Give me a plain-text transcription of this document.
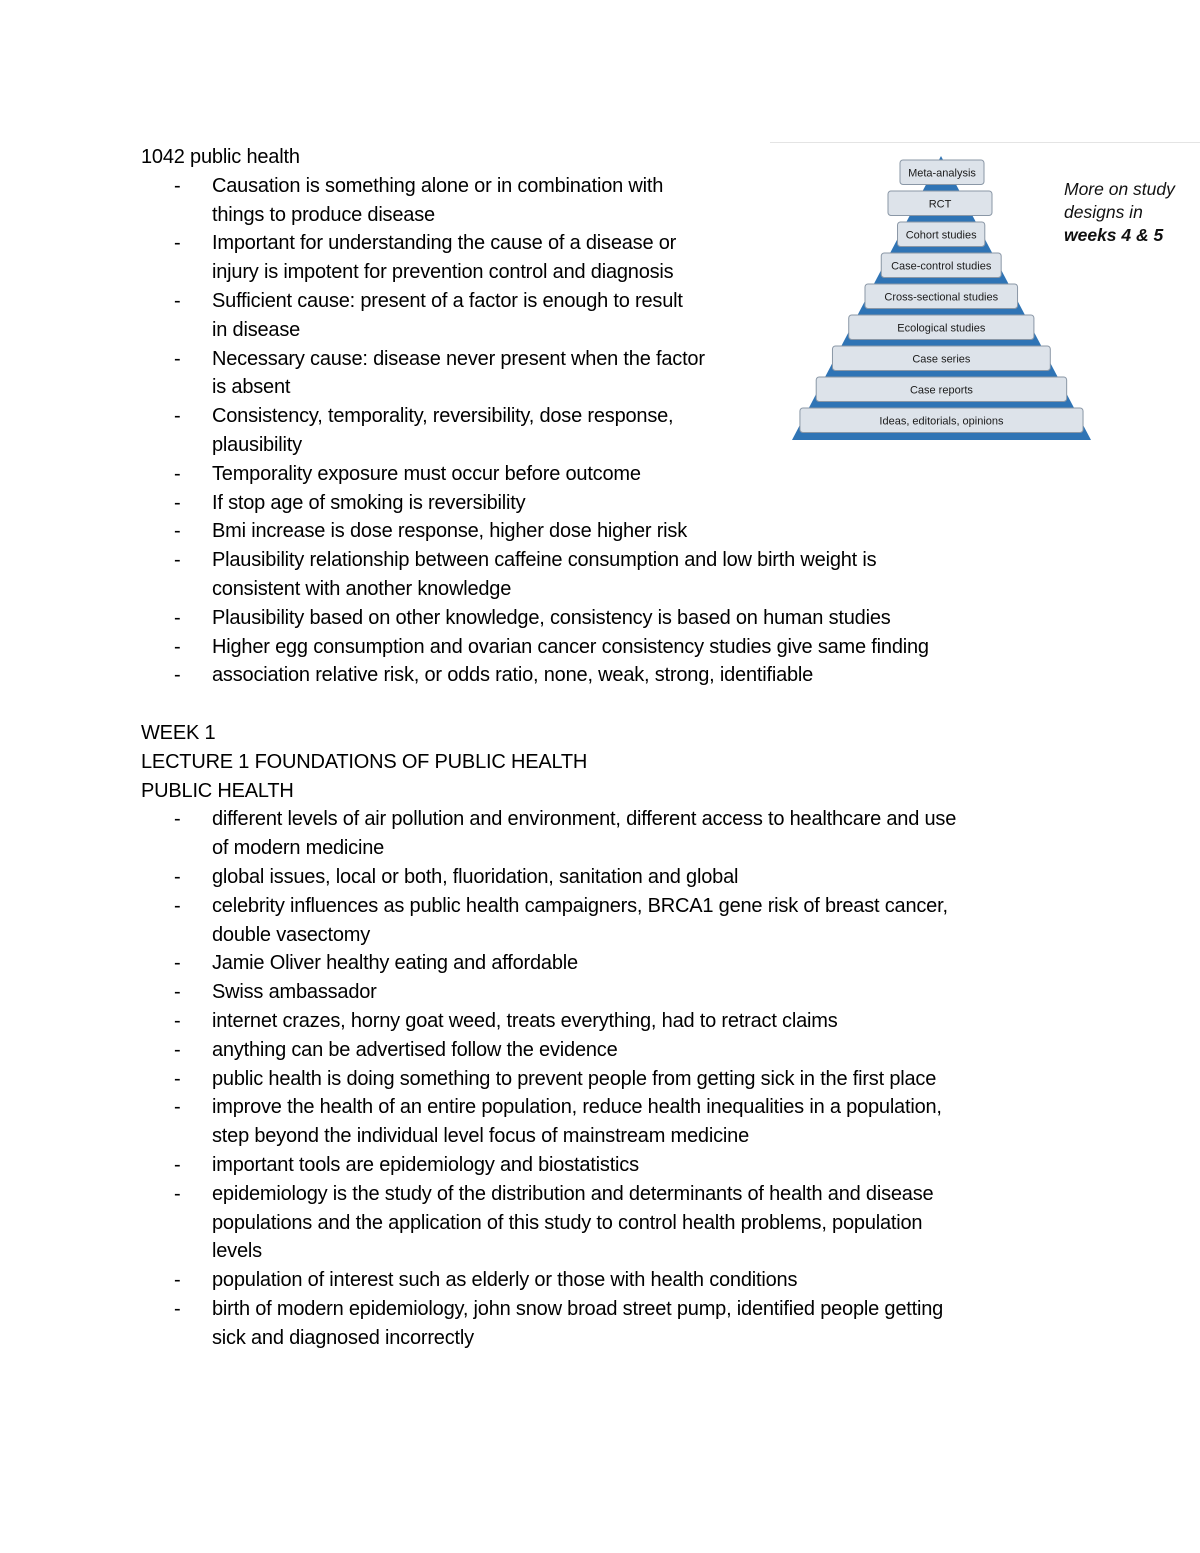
1042 public health
-	Causation is something alone or in combination with
things to produce disease
-	Important for understanding the cause of a disease or
injury is impotent for prevention control and diagnosis
-	Sufficient cause: present of a factor is enough to result
in disease
-	Necessary cause: disease never present when the factor
is absent
-	Consistency, temporality, reversibility, dose response,
plausibility
-	Temporality exposure must occur before outcome
-	If stop age of smoking is reversibility
-	Bmi increase is dose response, higher dose higher risk
-	Plausibility relationship between caffeine consumption and low birth weight is
consistent with another knowledge
-	Plausibility based on other knowledge, consistency is based on human studies
-	Higher egg consumption and ovarian cancer consistency studies give same finding
-	association relative risk, or odds ratio, none, weak, strong, identifiable
WEEK 1
LECTURE 1 FOUNDATIONS OF PUBLIC HEALTH
PUBLIC HEALTH
-	different levels of air pollution and environment, different access to healthcare and use
of modern medicine
-	global issues, local or both, fluoridation, sanitation and global
-	celebrity influences as public health campaigners, BRCA1 gene risk of breast cancer,
double vasectomy
-	Jamie Oliver healthy eating and affordable
-	Swiss ambassador
-	internet crazes, horny goat weed, treats everything, had to retract claims
-	anything can be advertised follow the evidence
-	public health is doing something to prevent people from getting sick in the first place
-	improve the health of an entire population, reduce health inequalities in a population,
step beyond the individual level focus of mainstream medicine
-	important tools are epidemiology and biostatistics
-	epidemiology is the study of the distribution and determinants of health and disease
populations and the application of this study to control health problems, population
levels
-	population of interest such as elderly or those with health conditions
-	birth of modern epidemiology, john snow broad street pump, identified people getting
sick and diagnosed incorrectly
Meta-analysis
RCT
Cohort studies
Case-control studies
Cross-sectional studies
Ecological studies
Case series
Case reports
Ideas, editorials, opinions
More on study
designs in
weeks 4 & 5
